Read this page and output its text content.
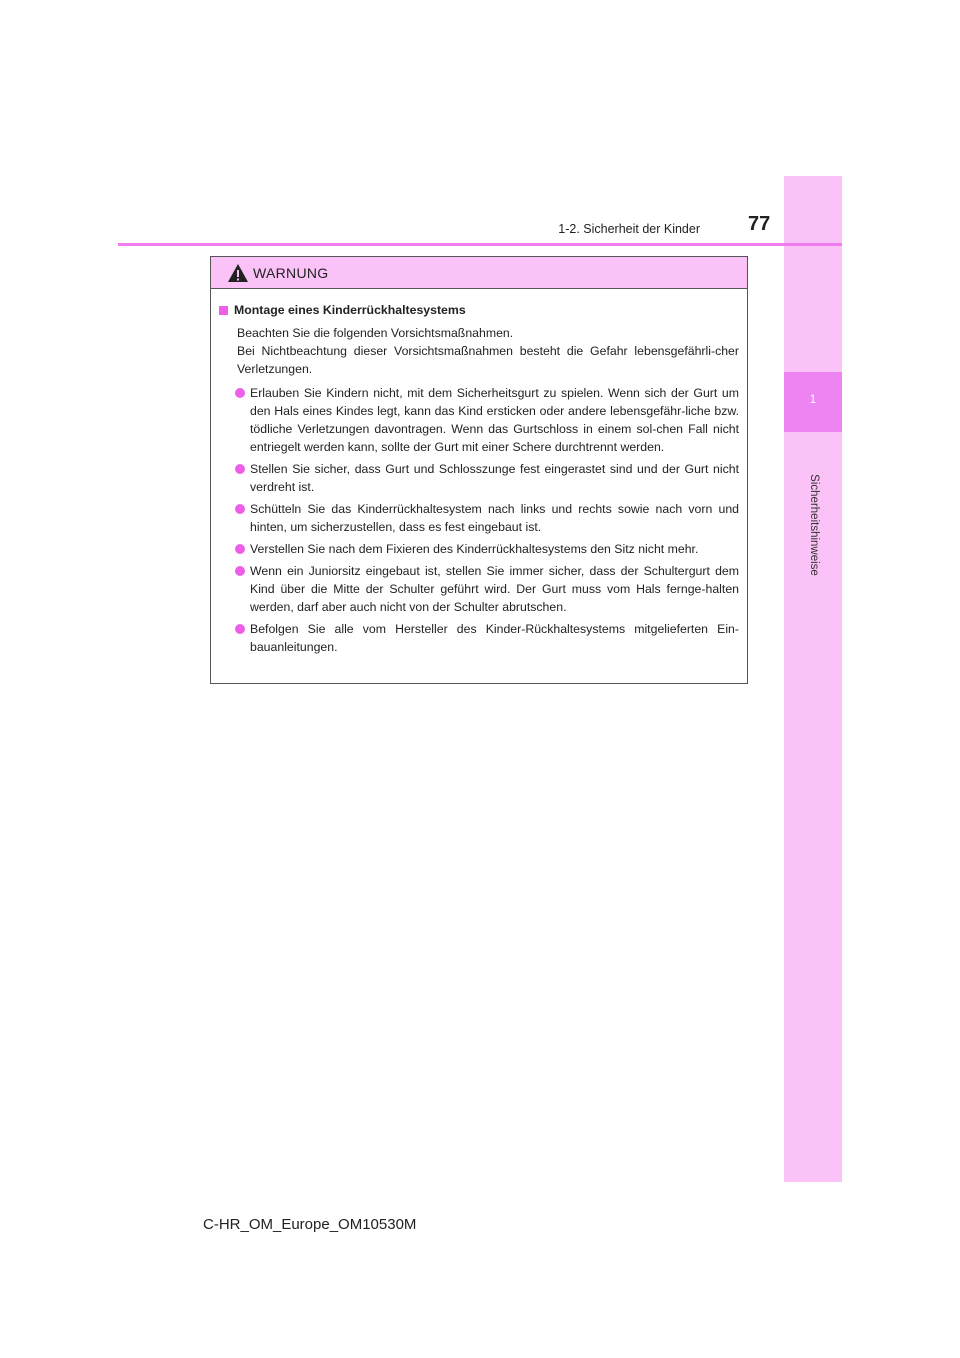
1
Sicherheitshinweise
1-2. Sicherheit der Kinder 77
WARNUNG
Montage eines Kinderrückhaltesystems
Beachten Sie die folgenden Vorsichtsmaßnahmen.
Bei Nichtbeachtung dieser Vorsichtsmaßnahmen besteht die Gefahr lebensgefährli-cher Verletzungen.
Erlauben Sie Kindern nicht, mit dem Sicherheitsgurt zu spielen. Wenn sich der Gurt um den Hals eines Kindes legt, kann das Kind ersticken oder andere lebensgefähr-liche bzw. tödliche Verletzungen davontragen. Wenn das Gurtschloss in einem sol-chen Fall nicht entriegelt werden kann, sollte der Gurt mit einer Schere durchtrennt werden.
Stellen Sie sicher, dass Gurt und Schlosszunge fest eingerastet sind und der Gurt nicht verdreht ist.
Schütteln Sie das Kinderrückhaltesystem nach links und rechts sowie nach vorn und hinten, um sicherzustellen, dass es fest eingebaut ist.
Verstellen Sie nach dem Fixieren des Kinderrückhaltesystems den Sitz nicht mehr.
Wenn ein Juniorsitz eingebaut ist, stellen Sie immer sicher, dass der Schultergurt dem Kind über die Mitte der Schulter geführt wird. Der Gurt muss vom Hals fernge-halten werden, darf aber auch nicht von der Schulter abrutschen.
Befolgen Sie alle vom Hersteller des Kinder-Rückhaltesystems mitgelieferten Ein-bauanleitungen.
C-HR_OM_Europe_OM10530M
